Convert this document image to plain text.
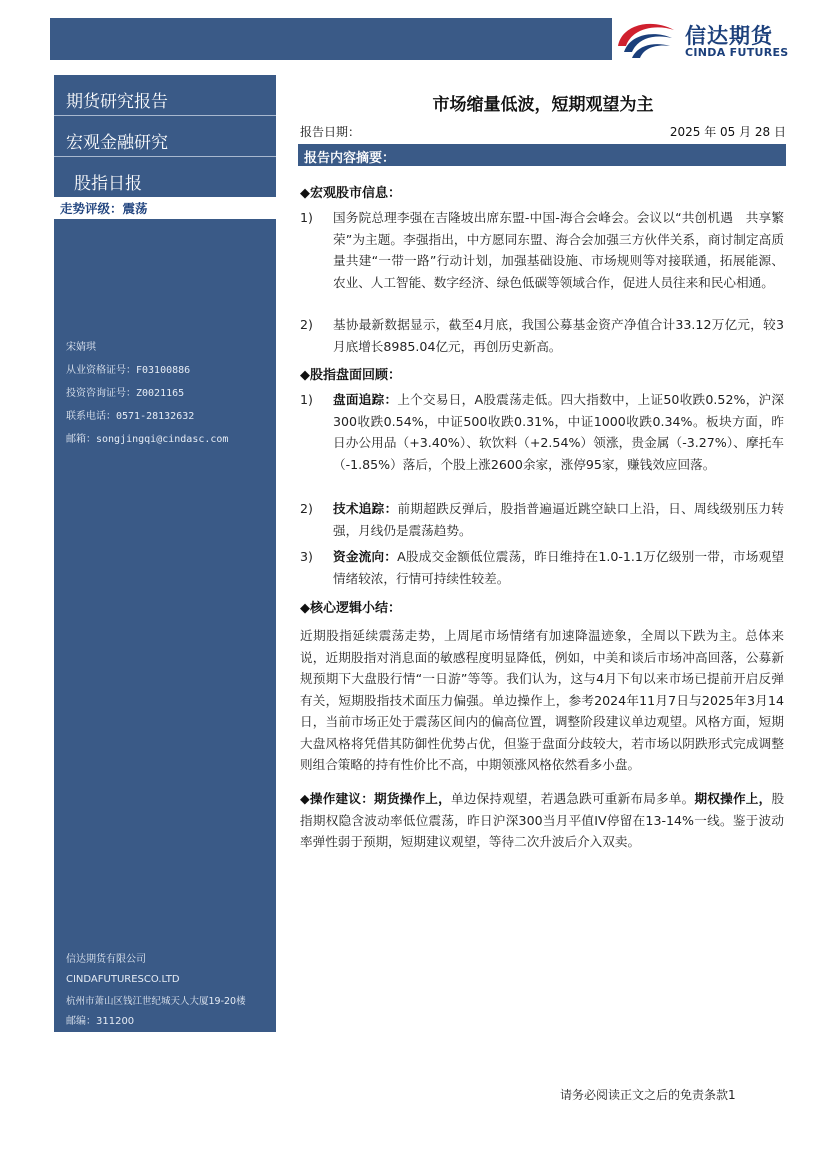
信达期货
CINDA FUTURES
期货研究报告
宏观金融研究
股指日报
走势评级：震荡
宋婧琪
从业资格证号：F03100886
投资咨询证号：Z0021165
联系电话：0571-28132632
邮箱：songjingqi@cindasc.com
信达期货有限公司
CINDAFUTURESCO.LTD
杭州市萧山区钱江世纪城天人大厦19-20楼
邮编：311200
市场缩量低波，短期观望为主
报告日期：	2025 年 05 月 28 日
报告内容摘要：
◆宏观股市信息：
1) 国务院总理李强在吉隆坡出席东盟-中国-海合会峰会。会议以“共创机遇　共享繁荣”为主题。李强指出，中方愿同东盟、海合会加强三方伙伴关系，商讨制定高质量共建“一带一路”行动计划，加强基础设施、市场规则等对接联通，拓展能源、农业、人工智能、数字经济、绿色低碳等领域合作，促进人员往来和民心相通。
2) 基协最新数据显示，截至4月底，我国公募基金资产净值合计33.12万亿元，较3月底增长8985.04亿元，再创历史新高。
◆股指盘面回顾：
1) 盘面追踪：上个交易日，A股震荡走低。四大指数中，上证50收跌0.52%，沪深300收跌0.54%，中证500收跌0.31%，中证1000收跌0.34%。板块方面，昨日办公用品（+3.40%）、软饮料（+2.54%）领涨，贵金属（-3.27%）、摩托车（-1.85%）落后，个股上涨2600余家，涨停95家，赚钱效应回落。
2) 技术追踪：前期超跌反弹后，股指普遍逼近跳空缺口上沿，日、周线级别压力转强，月线仍是震荡趋势。
3) 资金流向：A股成交金额低位震荡，昨日维持在1.0-1.1万亿级别一带，市场观望情绪较浓，行情可持续性较差。
◆核心逻辑小结：
近期股指延续震荡走势，上周尾市场情绪有加速降温迹象，全周以下跌为主。总体来说，近期股指对消息面的敏感程度明显降低，例如，中美和谈后市场冲高回落，公募新规预期下大盘股行情“一日游”等等。我们认为，这与4月下旬以来市场已提前开启反弹有关，短期股指技术面压力偏强。单边操作上，参考2024年11月7日与2025年3月14日，当前市场正处于震荡区间内的偏高位置，调整阶段建议单边观望。风格方面，短期大盘风格将凭借其防御性优势占优，但鉴于盘面分歧较大，若市场以阴跌形式完成调整则组合策略的持有性价比不高，中期领涨风格依然看多小盘。
◆操作建议：期货操作上，单边保持观望，若遇急跌可重新布局多单。期权操作上，股指期权隐含波动率低位震荡，昨日沪深300当月平值IV停留在13-14%一线。鉴于波动率弹性弱于预期，短期建议观望，等待二次升波后介入双卖。
请务必阅读正文之后的免责条款1
